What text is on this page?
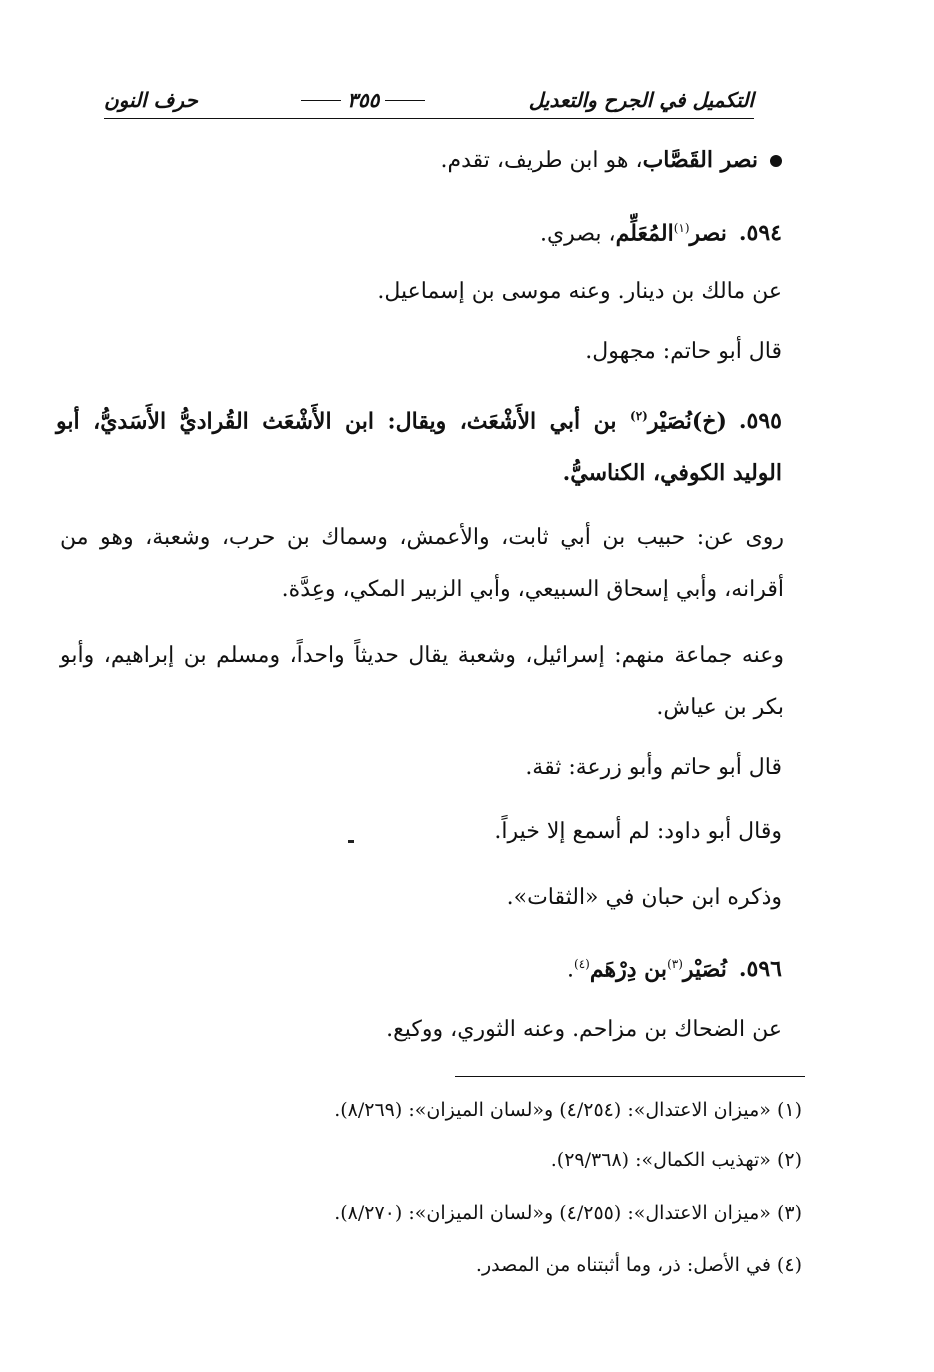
التكميل في الجرح والتعديل
٣٥٥
حرف النون
نصر القَصَّاب، هو ابن طريف، تقدم.
٥٩٤.نصر$^{(١)}$المُعَلِّم، بصري.
عن مالك بن دينار. وعنه موسى بن إسماعيل.
قال أبو حاتم: مجهول.
٥٩٥.(خ)نُصَيْر$^{(٢)}$ بن أبي الأَشْعَث، ويقال: ابن الأَشْعَث القُراديُّ الأَسَديُّ، أبو الوليد الكوفي، الكناسيُّ.
روى عن: حبيب بن أبي ثابت، والأعمش، وسماك بن حرب، وشعبة، وهو من أقرانه، وأبي إسحاق السبيعي، وأبي الزبير المكي، وعِدَّة.
وعنه جماعة منهم: إسرائيل، وشعبة يقال حديثاً واحداً، ومسلم بن إبراهيم، وأبو بكر بن عياش.
قال أبو حاتم وأبو زرعة: ثقة.
وقال أبو داود: لم أسمع إلا خيراً.
وذكره ابن حبان في «الثقات».
٥٩٦.نُصَيْر$^{(٣)}$بن دِرْهَم$^{(٤)}$.
عن الضحاك بن مزاحم. وعنه الثوري، ووكيع.
(١) «ميزان الاعتدال»: (٤/٢٥٤) و«لسان الميزان»: (٨/٢٦٩).
(٢) «تهذيب الكمال»: (٢٩/٣٦٨).
(٣) «ميزان الاعتدال»: (٤/٢٥٥) و«لسان الميزان»: (٨/٢٧٠).
(٤) في الأصل: ذر، وما أثبتناه من المصدر.
